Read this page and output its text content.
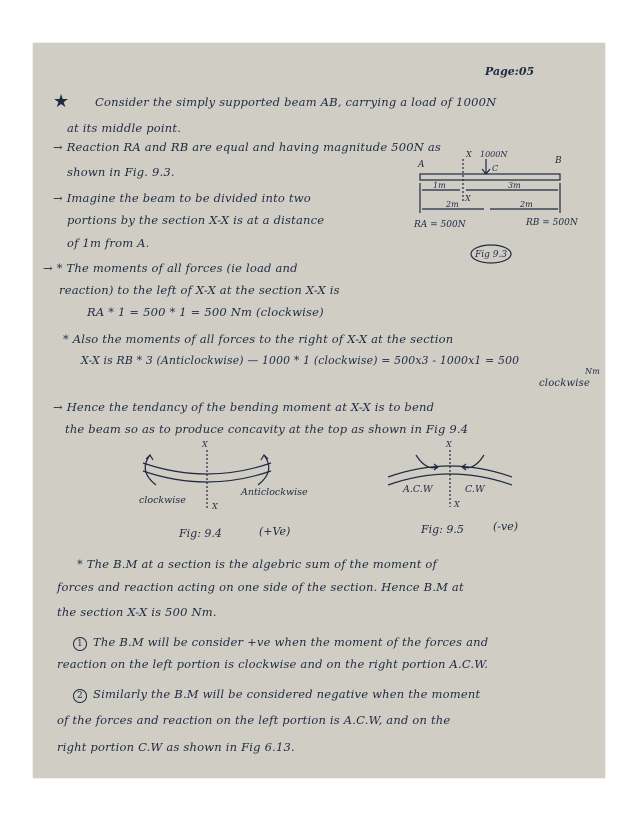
Page:05
★ Consider the simply supported beam AB, carrying a load of 1000N
at its middle point.
→ Reaction RA and RB are equal and having magnitude 500N as
shown in Fig. 9.3.
→ Imagine the beam to be divided into two
portions by the section X-X is at a distance
of 1m from A.
A	B
X 1000N
C
1m	3m
X
2m	2m
RA = 500N	RB = 500N
Fig 9.3
→ * The moments of all forces (ie load and
reaction) to the left of X-X at the section X-X is
RA * 1 = 500 * 1 = 500 Nm (clockwise)
* Also the moments of all forces to the right of X-X at the section
X-X is RB * 3 (Anticlockwise) — 1000 * 1 (clockwise) = 500x3 - 1000x1 = 500
Nm
clockwise
→ Hence the tendancy of the bending moment at X-X is to bend
the beam so as to produce concavity at the top as shown in Fig 9.4
X
X
clockwise
Anticlockwise
X
X
A.C.W	C.W
Fig: 9.4	(+Ve)	Fig: 9.5	(-ve)
* The B.M at a section is the algebric sum of the moment of
forces and reaction acting on one side of the section. Hence B.M at
the section X-X is 500 Nm.
1 The B.M will be consider +ve when the moment of the forces and
reaction on the left portion is clockwise and on the right portion A.C.W.
2 Similarly the B.M will be considered negative when the moment
of the forces and reaction on the left portion is A.C.W, and on the
right portion C.W as shown in Fig 6.13.
